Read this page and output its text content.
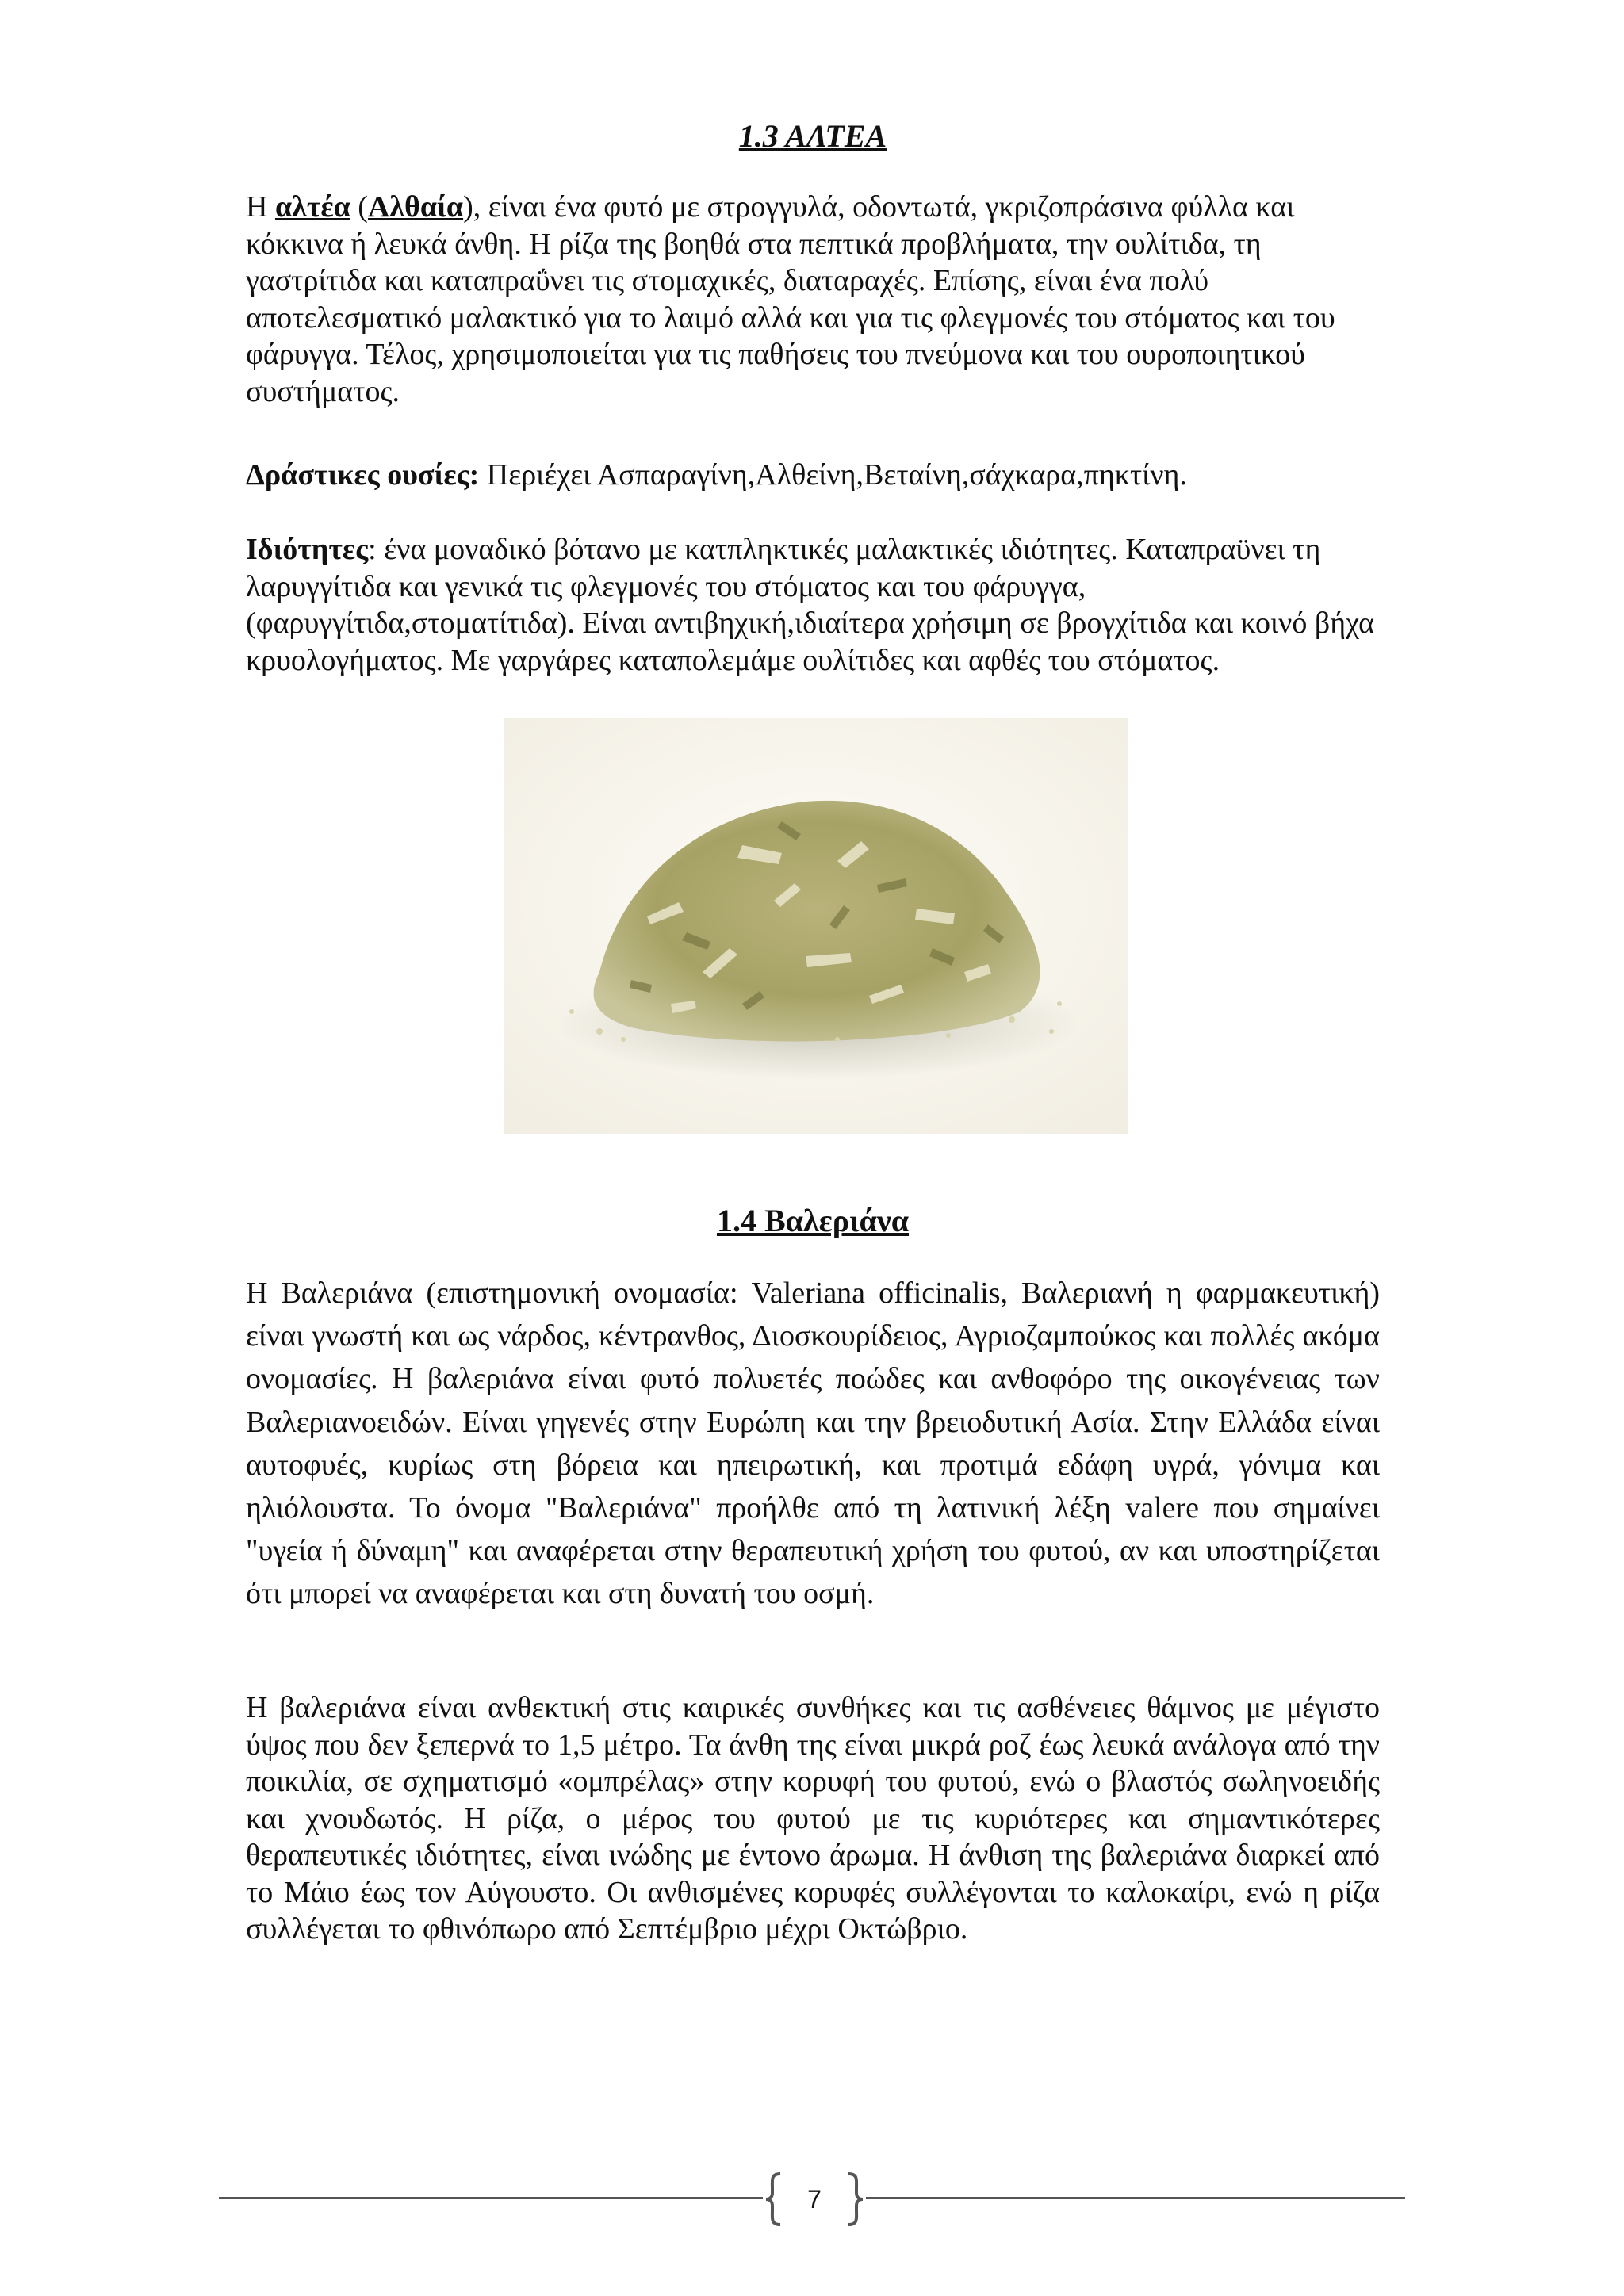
1.3 ΑΛΤΕΑ

Η αλτέα (Αλθαία), είναι ένα φυτό με στρογγυλά, οδοντωτά, γκριζοπράσινα φύλλα και κόκκινα ή λευκά άνθη. Η ρίζα της βοηθά στα πεπτικά προβλήματα, την ουλίτιδα, τη γαστρίτιδα και καταπραΰνει τις στομαχικές, διαταραχές. Επίσης, είναι ένα πολύ αποτελεσματικό μαλακτικό για το λαιμό αλλά και για τις φλεγμονές του στόματος και του φάρυγγα. Τέλος, χρησιμοποιείται για τις παθήσεις του πνεύμονα και του ουροποιητικού συστήματος.

Δράστικες ουσίες: Περιέχει Ασπαραγίνη,Αλθείνη,Βεταίνη,σάχκαρα,πηκτίνη.

Ιδιότητες: ένα μοναδικό βότανο με κατπληκτικές μαλακτικές ιδιότητες. Καταπραϋνει τη λαρυγγίτιδα και γενικά τις φλεγμονές του στόματος και του φάρυγγα,(φαρυγγίτιδα,στοματίτιδα). Είναι αντιβηχική,ιδιαίτερα χρήσιμη σε βρογχίτιδα και κοινό βήχα κρυολογήματος. Με γαργάρες καταπολεμάμε ουλίτιδες και αφθές του στόματος.

1.4 Βαλεριάνα

Η Βαλεριάνα (επιστημονική ονομασία: Valeriana officinalis, Βαλεριανή η φαρμακευτική) είναι γνωστή και ως νάρδος, κέντρανθος, Διοσκουρίδειος, Αγριοζαμπούκος και πολλές ακόμα ονομασίες. Η βαλεριάνα είναι φυτό πολυετές ποώδες και ανθοφόρο της οικογένειας των Βαλεριανοειδών. Είναι γηγενές στην Ευρώπη και την βρειοδυτική Ασία. Στην Ελλάδα είναι αυτοφυές, κυρίως στη βόρεια και ηπειρωτική, και προτιμά εδάφη υγρά, γόνιμα και ηλιόλουστα. Το όνομα "Βαλεριάνα" προήλθε από τη λατινική λέξη valere που σημαίνει "υγεία ή δύναμη" και αναφέρεται στην θεραπευτική χρήση του φυτού, αν και υποστηρίζεται ότι μπορεί να αναφέρεται και στη δυνατή του οσμή.

Η βαλεριάνα είναι ανθεκτική στις καιρικές συνθήκες και τις ασθένειες θάμνος με μέγιστο ύψος που δεν ξεπερνά το 1,5 μέτρο. Τα άνθη της είναι μικρά ροζ έως λευκά ανάλογα από την ποικιλία, σε σχηματισμό «ομπρέλας» στην κορυφή του φυτού, ενώ ο βλαστός σωληνοειδής και χνουδωτός. Η ρίζα, ο μέρος του φυτού με τις κυριότερες και σημαντικότερες θεραπευτικές ιδιότητες, είναι ινώδης με έντονο άρωμα. Η άνθιση της βαλεριάνα διαρκεί από το Μάιο έως τον Αύγουστο. Οι ανθισμένες κορυφές συλλέγονται το καλοκαίρι, ενώ η ρίζα συλλέγεται το φθινόπωρο από Σεπτέμβριο μέχρι Οκτώβριο.

7
